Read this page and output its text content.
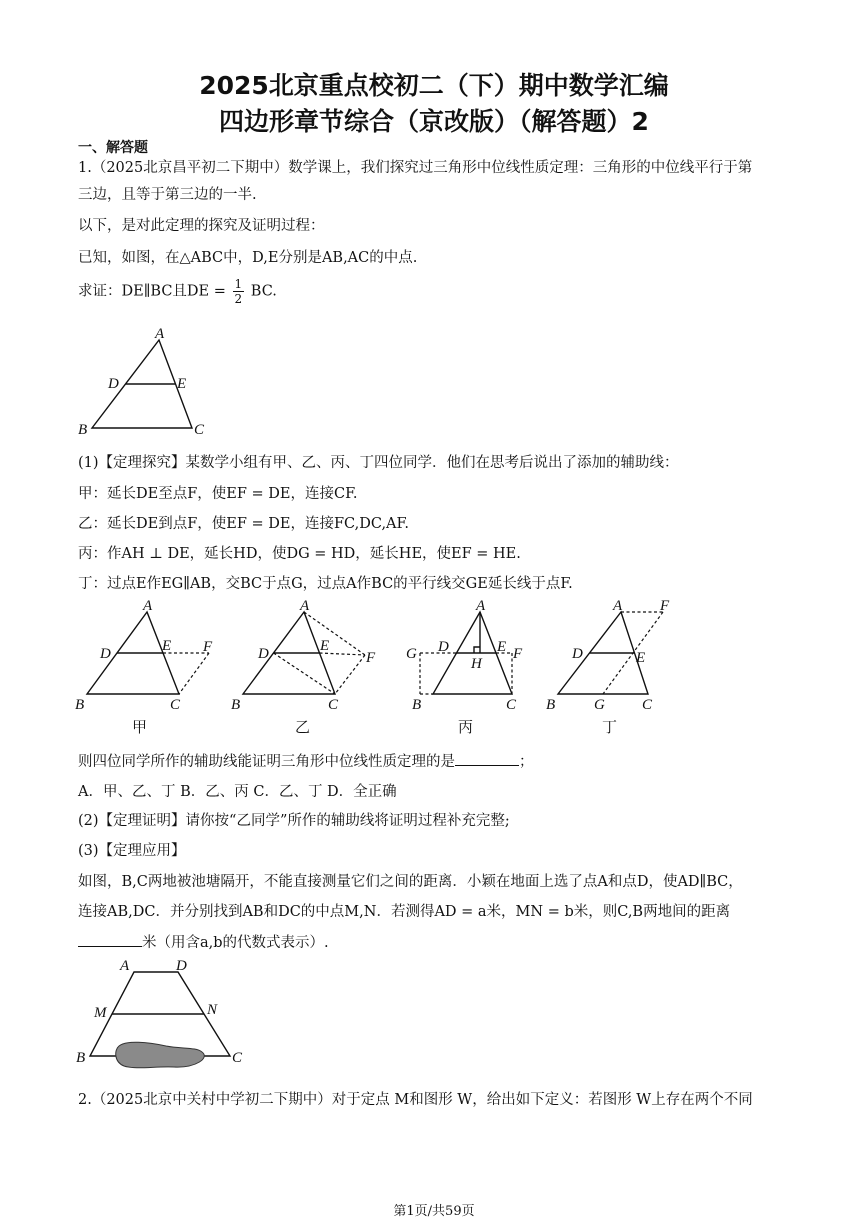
2025北京重点校初二（下）期中数学汇编
四边形章节综合（京改版）（解答题）2
一、解答题
1.（2025北京昌平初二下期中）数学课上，我们探究过三角形中位线性质定理：三角形的中位线平行于第
三边，且等于第三边的一半.
以下，是对此定理的探究及证明过程：
已知，如图，在△ABC中，D,E分别是AB,AC的中点.
求证：DE∥BC且DE = $\frac{1}{2}$ BC.
A
B	C
D	E
(1)【定理探究】某数学小组有甲、乙、丙、丁四位同学．他们在思考后说出了添加的辅助线：
甲：延长DE至点F，使EF = DE，连接CF.
乙：延长DE到点F，使EF = DE，连接FC,DC,AF.
丙：作AH ⊥ DE，延长HD，使DG = HD，延长HE，使EF = HE.
丁：过点E作EG∥AB，交BC于点G，过点A作BC的平行线交GE延长线于点F.
A
B	C
D	E F
甲
A
B	C
D	E
F
乙
A
B	C
D	E F
G
H
丙
A
B	C
D	E
F
G
丁
则四位同学所作的辅助线能证明三角形中位线性质定理的是	；
A．甲、乙、丁 B．乙、丙 C．乙、丁 D．全正确
(2)【定理证明】请你按“乙同学”所作的辅助线将证明过程补充完整;
(3)【定理应用】
如图，B,C两地被池塘隔开，不能直接测量它们之间的距离．小颖在地面上选了点A和点D，使AD∥BC，
连接AB,DC．并分别找到AB和DC的中点M,N．若测得AD = a米，MN = b米，则C,B两地间的距离
米（用含a,b的代数式表示）.
A	D
M	N
B	C
2.（2025北京中关村中学初二下期中）对于定点 M和图形 W，给出如下定义：若图形 W上存在两个不同
第1页/共59页
